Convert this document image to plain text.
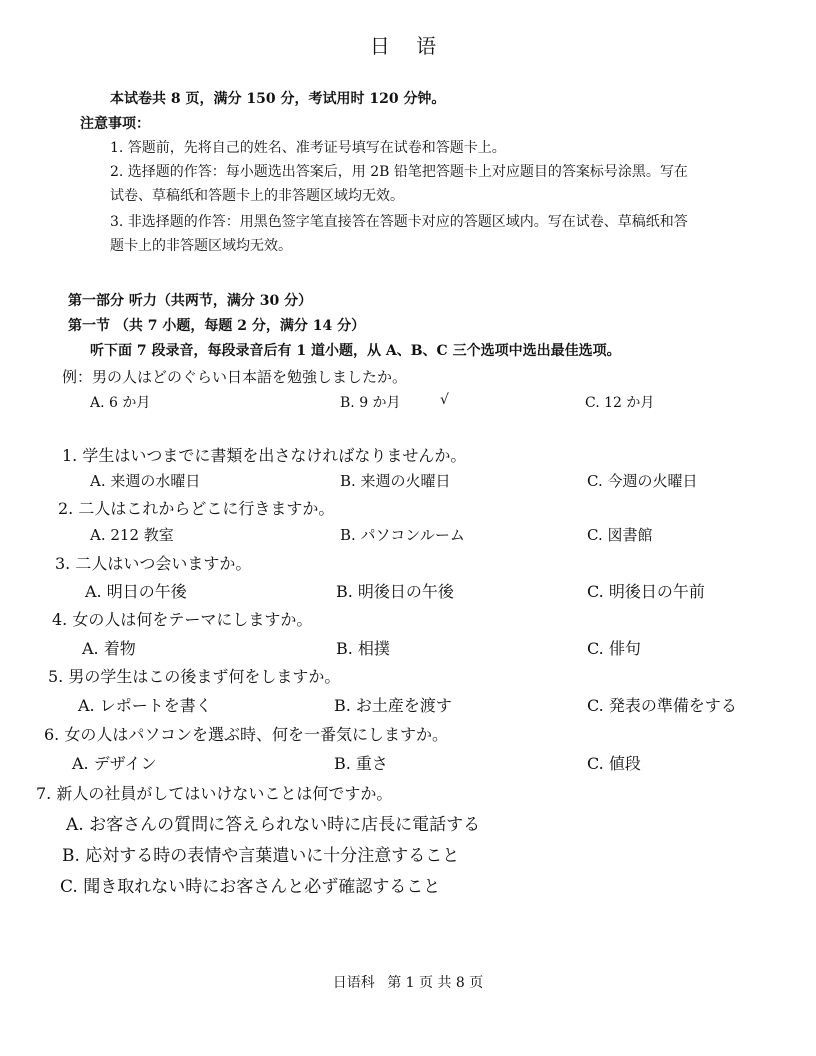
日 语
本试卷共 8 页，满分 150 分，考试用时 120 分钟。
注意事项：
1. 答题前，先将自己的姓名、准考证号填写在试卷和答题卡上。
2. 选择题的作答：每小题选出答案后，用 2B 铅笔把答题卡上对应题目的答案标号涂黑。写在
试卷、草稿纸和答题卡上的非答题区域均无效。
3. 非选择题的作答：用黑色签字笔直接答在答题卡对应的答题区域内。写在试卷、草稿纸和答
题卡上的非答题区域均无效。
第一部分 听力（共两节，满分 30 分）
第一节 （共 7 小题，每题 2 分，满分 14 分）
听下面 7 段录音，每段录音后有 1 道小题，从 A、B、C 三个选项中选出最佳选项。
例：男の人はどのぐらい日本語を勉強しましたか。
A. 6 か月	B. 9 か月	√	C. 12 か月
1. 学生はいつまでに書類を出さなければなりませんか。
A. 来週の水曜日	B. 来週の火曜日	C. 今週の火曜日
2. 二人はこれからどこに行きますか。
A. 212 教室	B. パソコンルーム	C. 図書館
3. 二人はいつ会いますか。
A. 明日の午後	B. 明後日の午後	C. 明後日の午前
4. 女の人は何をテーマにしますか。
A. 着物	B. 相撲	C. 俳句
5. 男の学生はこの後まず何をしますか。
A. レポートを書く	B. お土産を渡す	C. 発表の準備をする
6. 女の人はパソコンを選ぶ時、何を一番気にしますか。
A. デザイン	B. 重さ	C. 値段
7. 新人の社員がしてはいけないことは何ですか。
A. お客さんの質問に答えられない時に店長に電話する
B. 応対する時の表情や言葉遣いに十分注意すること
C. 聞き取れない時にお客さんと必ず確認すること
日语科 第 1 页 共 8 页
